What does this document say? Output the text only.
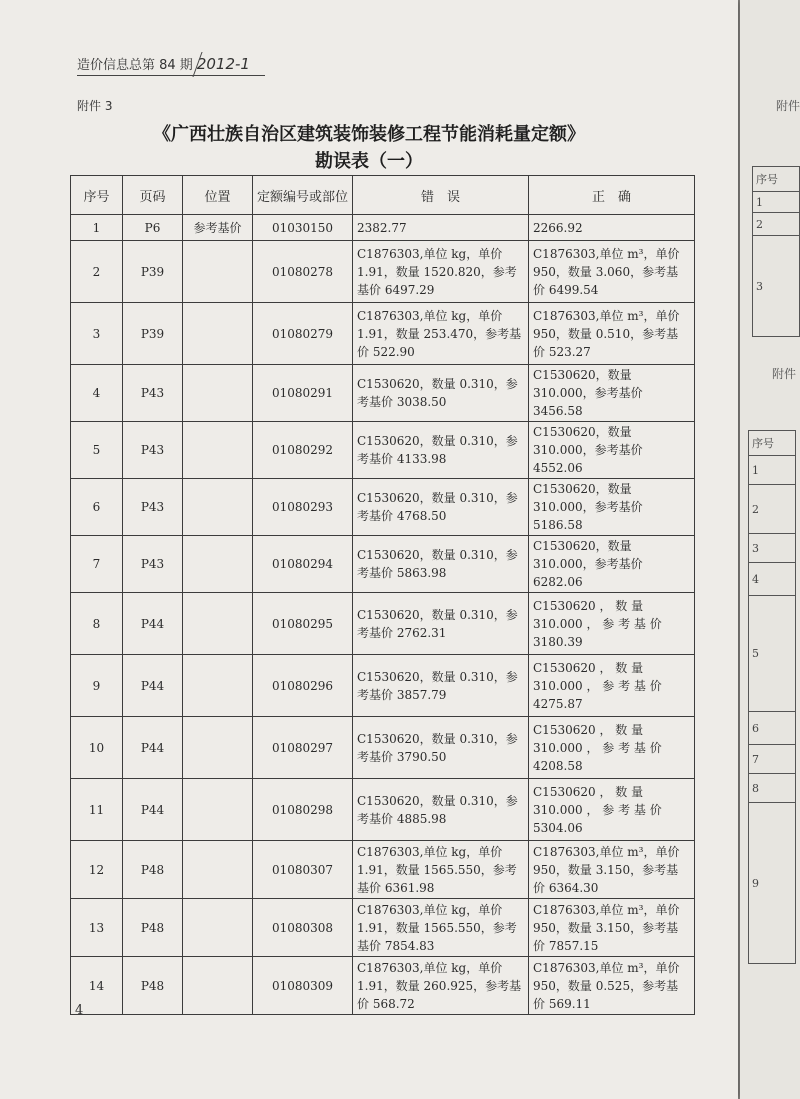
造价信息总第 84 期 2012-1
附件 3
《广西壮族自治区建筑装饰装修工程节能消耗量定额》
勘误表（一）
序号	页码	位置	定额编号或部位	错　误	正　确
1	P6	参考基价	01030150	2382.77	2266.92
2	P39		01080278	C1876303,单位 kg，单价 1.91，数量 1520.820，参考基价 6497.29	C1876303,单位 m³，单价 950，数量 3.060，参考基价 6499.54
3	P39		01080279	C1876303,单位 kg，单价 1.91，数量 253.470，参考基价 522.90	C1876303,单位 m³，单价 950，数量 0.510，参考基价 523.27
4	P43		01080291	C1530620，数量 0.310，参考基价 3038.50	C1530620，数量 310.000，参考基价 3456.58
5	P43		01080292	C1530620，数量 0.310，参考基价 4133.98	C1530620，数量 310.000，参考基价 4552.06
6	P43		01080293	C1530620，数量 0.310，参考基价 4768.50	C1530620，数量 310.000，参考基价 5186.58
7	P43		01080294	C1530620，数量 0.310，参考基价 5863.98	C1530620，数量 310.000，参考基价 6282.06
8	P44		01080295	C1530620，数量 0.310，参考基价 2762.31	C1530620 ， 数 量 310.000 ， 参 考 基 价 3180.39
9	P44		01080296	C1530620，数量 0.310，参考基价 3857.79	C1530620 ， 数 量 310.000 ， 参 考 基 价 4275.87
10	P44		01080297	C1530620，数量 0.310，参考基价 3790.50	C1530620 ， 数 量 310.000 ， 参 考 基 价 4208.58
11	P44		01080298	C1530620，数量 0.310，参考基价 4885.98	C1530620 ， 数 量 310.000 ， 参 考 基 价 5304.06
12	P48		01080307	C1876303,单位 kg，单价 1.91，数量 1565.550，参考基价 6361.98	C1876303,单位 m³，单价 950，数量 3.150，参考基价 6364.30
13	P48		01080308	C1876303,单位 kg，单价 1.91，数量 1565.550，参考基价 7854.83	C1876303,单位 m³，单价 950，数量 3.150，参考基价 7857.15
14	P48		01080309	C1876303,单位 kg，单价 1.91，数量 260.925，参考基价 568.72	C1876303,单位 m³，单价 950，数量 0.525，参考基价 569.11
4
附件
序号
1
2
3
附件
序号
1
2
3
4
5
6
7
8
9
